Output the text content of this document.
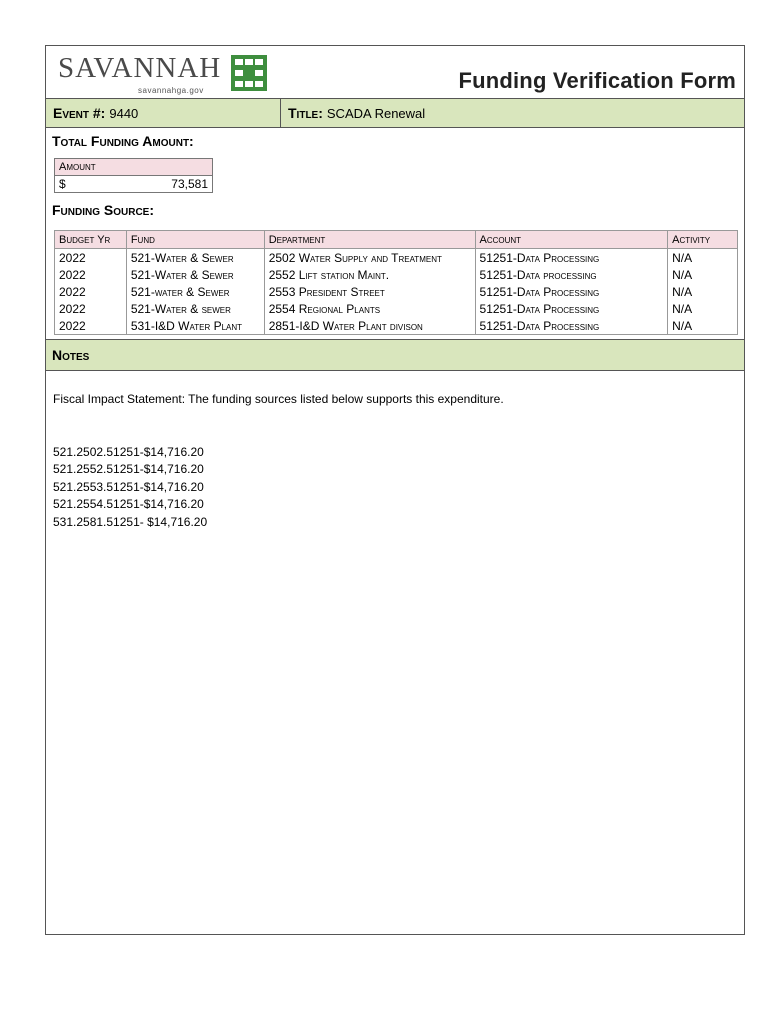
SAVANNAH
savannahga.gov	Funding Verification Form
Event #: 9440	Title: SCADA Renewal
Total Funding Amount:
Amount
$	73,581
Funding Source:
Budget Yr	Fund	Department	Account	Activity
2022	521-Water & Sewer	2502 Water Supply and Treatment	51251-Data Processing	N/A
2022	521-Water & Sewer	2552 Lift station Maint.	51251-Data processing	N/A
2022	521-water & Sewer	2553 President Street	51251-Data Processing	N/A
2022	521-Water & sewer	2554 Regional Plants	51251-Data Processing	N/A
2022	531-I&D Water Plant	2851-I&D Water Plant divison	51251-Data Processing	N/A
Notes
Fiscal Impact Statement: The funding sources listed below supports this expenditure.
521.2502.51251-$14,716.20
521.2552.51251-$14,716.20
521.2553.51251-$14,716.20
521.2554.51251-$14,716.20
531.2581.51251- $14,716.20
